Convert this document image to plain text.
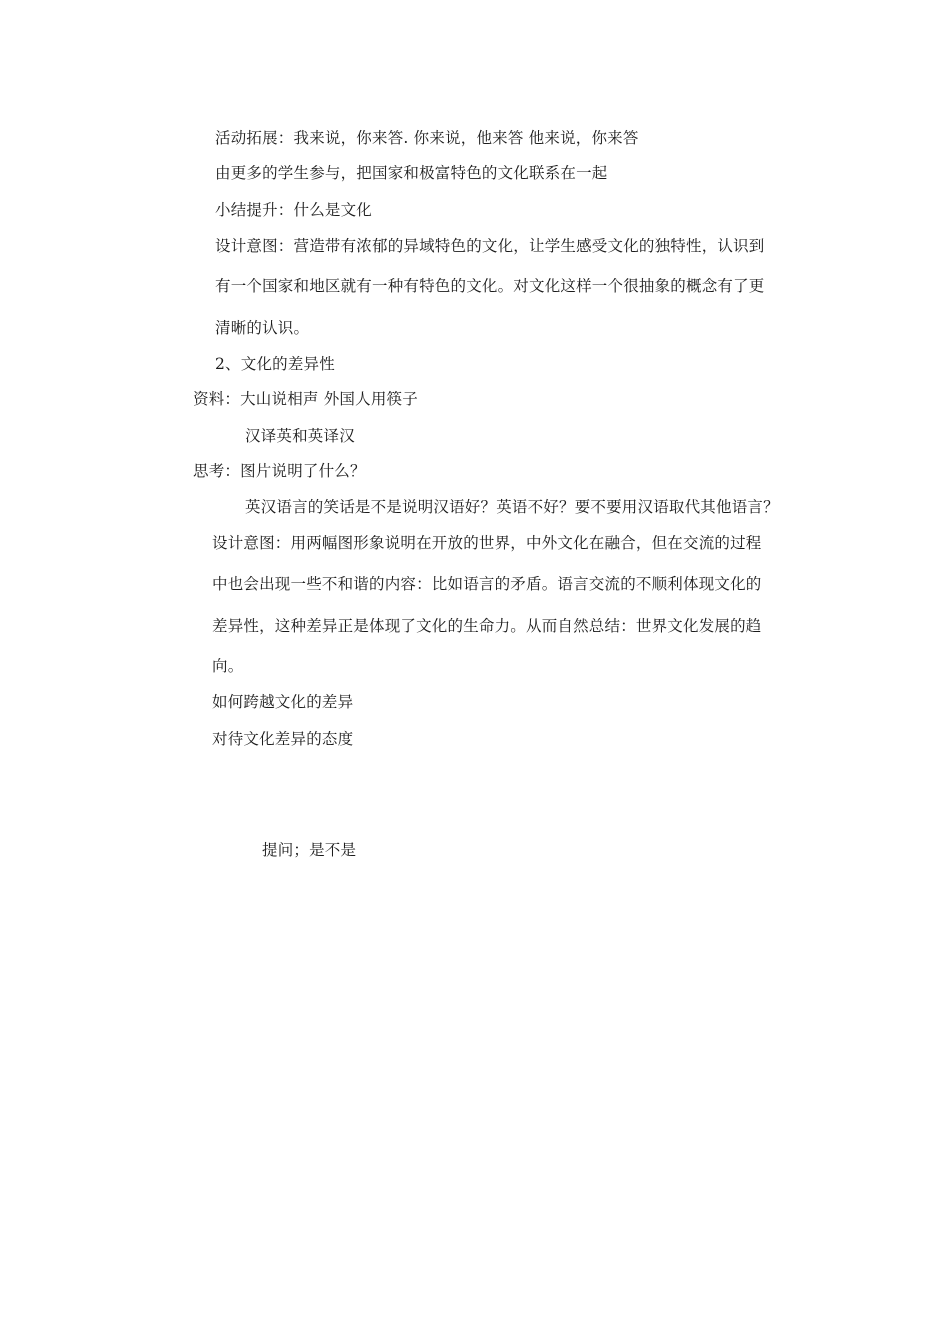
活动拓展：我来说，你来答. 你来说，他来答 他来说，你来答
由更多的学生参与，把国家和极富特色的文化联系在一起
小结提升：什么是文化
设计意图：营造带有浓郁的异域特色的文化，让学生感受文化的独特性，认识到
有一个国家和地区就有一种有特色的文化。对文化这样一个很抽象的概念有了更
清晰的认识。
2、文化的差异性
资料：大山说相声 外国人用筷子
汉译英和英译汉
思考：图片说明了什么？
英汉语言的笑话是不是说明汉语好？英语不好？要不要用汉语取代其他语言？
设计意图：用两幅图形象说明在开放的世界，中外文化在融合，但在交流的过程
中也会出现一些不和谐的内容：比如语言的矛盾。语言交流的不顺利体现文化的
差异性，这种差异正是体现了文化的生命力。从而自然总结：世界文化发展的趋
向。
如何跨越文化的差异
对待文化差异的态度
提问；是不是
